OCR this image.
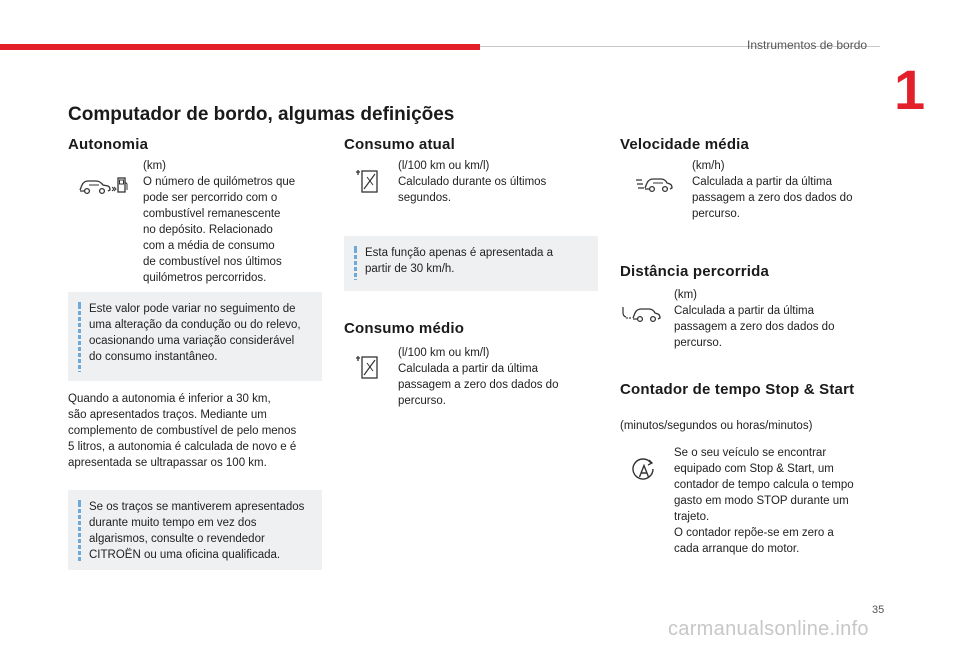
Instrumentos de bordo
1
Computador de bordo, algumas definições
Autonomia
(km)
O número de quilómetros que
pode ser percorrido com o
combustível remanescente
no depósito. Relacionado
com a média de consumo
de combustível nos últimos
quilómetros percorridos.
Este valor pode variar no seguimento de
uma alteração da condução ou do relevo,
ocasionando uma variação considerável
do consumo instantâneo.
Quando a autonomia é inferior a 30 km,
são apresentados traços. Mediante um
complemento de combustível de pelo menos
5 litros, a autonomia é calculada de novo e é
apresentada se ultrapassar os 100 km.
Se os traços se mantiverem apresentados
durante muito tempo em vez dos
algarismos, consulte o revendedor
CITROËN ou uma oficina qualificada.
Consumo atual
(l/100 km ou km/l)
Calculado durante os últimos
segundos.
Esta função apenas é apresentada a
partir de 30 km/h.
Consumo médio
(l/100 km ou km/l)
Calculada a partir da última
passagem a zero dos dados do
percurso.
Velocidade média
(km/h)
Calculada a partir da última
passagem a zero dos dados do
percurso.
Distância percorrida
(km)
Calculada a partir da última
passagem a zero dos dados do
percurso.
Contador de tempo Stop & Start
(minutos/segundos ou horas/minutos)
Se o seu veículo se encontrar
equipado com Stop & Start, um
contador de tempo calcula o tempo
gasto em modo STOP durante um
trajeto.
O contador repõe-se em zero a
cada arranque do motor.
35
carmanualsonline.info
